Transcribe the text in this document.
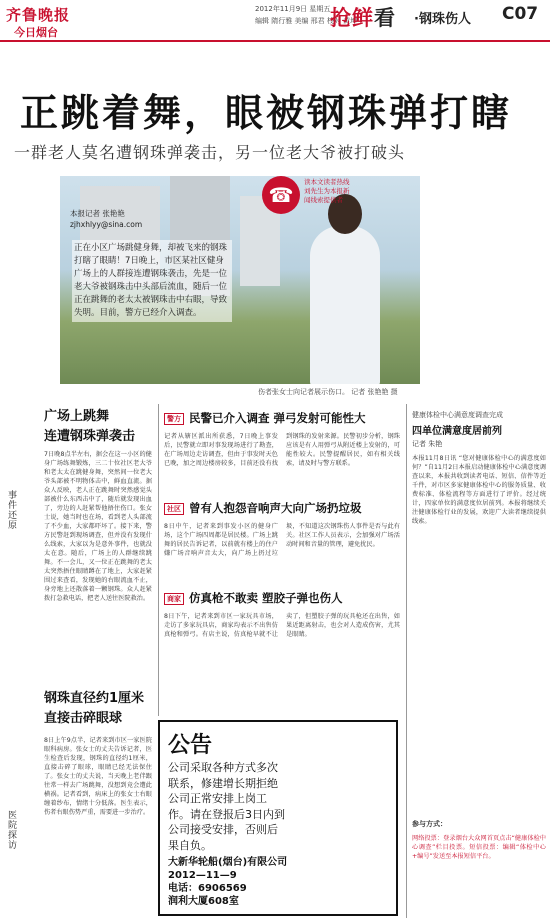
齐鲁晚报
今日烟台
2012年11月9日 星期五
编辑 隋行雅 美编 邢君 校对 黄坤
抢鲜看 ·钢珠伤人 C07
正跳着舞，眼被钢珠弹打瞎
一群老人莫名遭钢珠弹袭击，另一位老大爷被打破头
☎
读本文读者热线
刘先生为本报新
闻线索提供者
本报记者 张艳艳
zjhxhlyy@sina.com
正在小区广场跳健身舞，却被飞来的钢珠打瞎了眼睛！7日晚上，市区某社区健身广场上的人群接连遭钢珠袭击，先是一位老大爷被钢珠击中头部后流血，随后一位正在跳舞的老太太被钢珠击中右眼，导致失明。目前，警方已经介入调查。
伤者张女士向记者展示伤口。 记者 张艳艳 摄
事件还原
广场上跳舞
连遭钢珠弹袭击
7日晚8点半左右，据会在这一小区的健身广场练舞锻炼，三二十位社区老大爷和老太太在跳健身舞，突然间一位老大爷头部被不明物体击中，鲜血直流。据众人反映，老人正在跳舞时突然感觉头部被什么东西击中了，随后就发现出血了，旁边的人赶紧帮他捂住伤口。张女士说，她当时也在场，看到老人头部流了不少血，大家都吓坏了。接下来，警方民警赶到现场调查，但并没有发现什么线索，大家以为是意外事件，也就没太在意。随后，广场上的人群继续跳舞。不一会儿，又一位正在跳舞的老太太突然捂住眼睛蹲在了地上，大家赶紧围过来查看，发现她的右眼流血不止，身旁地上还散落着一颗钢珠。众人赶紧拨打急救电话，把老人送往医院救治。
医院探访
钢珠直径约1厘米
直接击碎眼球
8日上午9点半，记者来到市区一家医院眼科病房。张女士的丈夫告诉记者，医生检查后发现，钢珠的直径约1厘米，直接击碎了眼球，眼睛已经无法保住了。张女士的丈夫说，当天晚上老伴跟往常一样去广场跳舞，没想到竟会遭此横祸。记者看到，病床上的张女士右眼缠着纱布，情绪十分低落。医生表示，伤者右眼伤势严重，需要进一步治疗。
警方 民警已介入调查 弹弓发射可能性大
记者从辖区派出所获悉，7日晚上事发后，民警就立即对事发现场进行了勘查，在广场周边走访调查，但由于事发时天色已晚，加之周边楼房较多，目前还没有找到钢珠的发射来源。民警初步分析，钢珠应该是有人用弹弓从附近楼上发射的，可能性较大。民警提醒居民，如有相关线索，请及时与警方联系。
社区 曾有人抱怨音响声大向广场扔垃圾
8日中午，记者来到事发小区的健身广场，这个广场四周都是居民楼。广场上跳舞的居民告诉记者，以前就有楼上的住户嫌广场音响声音太大，向广场上扔过垃圾，不知道这次钢珠伤人事件是否与此有关。社区工作人员表示，会加强对广场活动时间和音量的管理，避免扰民。
商家 仿真枪不敢卖 塑胶子弹也伤人
8日下午，记者来到市区一家玩具市场，走访了多家玩具店，商家均表示不出售仿真枪和弹弓。有店主说，仿真枪早就不让卖了，但塑胶子弹的玩具枪还在出售，如果近距离射击，也会对人造成伤害，尤其是眼睛。
公告
公司采取各种方式多次联系，修建增长期拒绝公司正常安排上岗工作。请在登报后3日内到公司接受安排，否则后果自负。
大新华轮船(烟台)有限公司
2012—11—9
电话：6906569
润利大厦608室
健康体检中心满意度调查完成
四单位满意度居前列
记者 朱艳
本报11月8日讯 “您对健康体检中心的满意度如何？”自11月2日本报启动健康体检中心满意度调查以来，本报共收到读者电话、短信、信件等近千件，对市区多家健康体检中心的服务质量、收费标准、体检流程等方面进行了评价。经过统计，四家单位的满意度位居前列。本报将继续关注健康体检行业的发展，欢迎广大读者继续提供线索。
参与方式：
网络投票：登录烟台大众网首页点击“健康体检中心调查”栏目投票。短信投票：编辑“体检中心+编号”发送至本报短信平台。
